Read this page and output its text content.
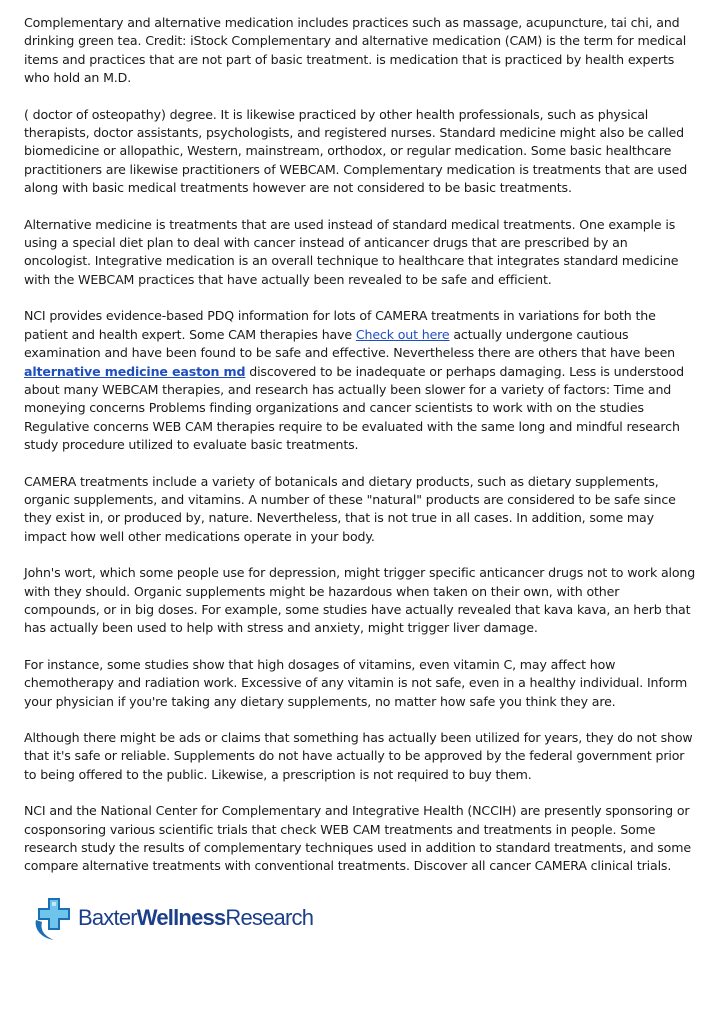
Complementary and alternative medication includes practices such as massage, acupuncture, tai chi, and drinking green tea. Credit: iStock Complementary and alternative medication (CAM) is the term for medical items and practices that are not part of basic treatment. is medication that is practiced by health experts who hold an M.D.

( doctor of osteopathy) degree. It is likewise practiced by other health professionals, such as physical therapists, doctor assistants, psychologists, and registered nurses. Standard medicine might also be called biomedicine or allopathic, Western, mainstream, orthodox, or regular medication. Some basic healthcare practitioners are likewise practitioners of WEBCAM. Complementary medication is treatments that are used along with basic medical treatments however are not considered to be basic treatments.

Alternative medicine is treatments that are used instead of standard medical treatments. One example is using a special diet plan to deal with cancer instead of anticancer drugs that are prescribed by an oncologist. Integrative medication is an overall technique to healthcare that integrates standard medicine with the WEBCAM practices that have actually been revealed to be safe and efficient.

NCI provides evidence-based PDQ information for lots of CAMERA treatments in variations for both the patient and health expert. Some CAM therapies have Check out here actually undergone cautious examination and have been found to be safe and effective. Nevertheless there are others that have been alternative medicine easton md discovered to be inadequate or perhaps damaging. Less is understood about many WEBCAM therapies, and research has actually been slower for a variety of factors: Time and moneying concerns Problems finding organizations and cancer scientists to work with on the studies Regulative concerns WEB CAM therapies require to be evaluated with the same long and mindful research study procedure utilized to evaluate basic treatments.

CAMERA treatments include a variety of botanicals and dietary products, such as dietary supplements, organic supplements, and vitamins. A number of these "natural" products are considered to be safe since they exist in, or produced by, nature. Nevertheless, that is not true in all cases. In addition, some may impact how well other medications operate in your body.

John's wort, which some people use for depression, might trigger specific anticancer drugs not to work along with they should. Organic supplements might be hazardous when taken on their own, with other compounds, or in big doses. For example, some studies have actually revealed that kava kava, an herb that has actually been used to help with stress and anxiety, might trigger liver damage.

For instance, some studies show that high dosages of vitamins, even vitamin C, may affect how chemotherapy and radiation work. Excessive of any vitamin is not safe, even in a healthy individual. Inform your physician if you're taking any dietary supplements, no matter how safe you think they are.

Although there might be ads or claims that something has actually been utilized for years, they do not show that it's safe or reliable. Supplements do not have actually to be approved by the federal government prior to being offered to the public. Likewise, a prescription is not required to buy them.

NCI and the National Center for Complementary and Integrative Health (NCCIH) are presently sponsoring or cosponsoring various scientific trials that check WEB CAM treatments and treatments in people. Some research study the results of complementary techniques used in addition to standard treatments, and some compare alternative treatments with conventional treatments. Discover all cancer CAMERA clinical trials.

BaxterWellnessResearch
